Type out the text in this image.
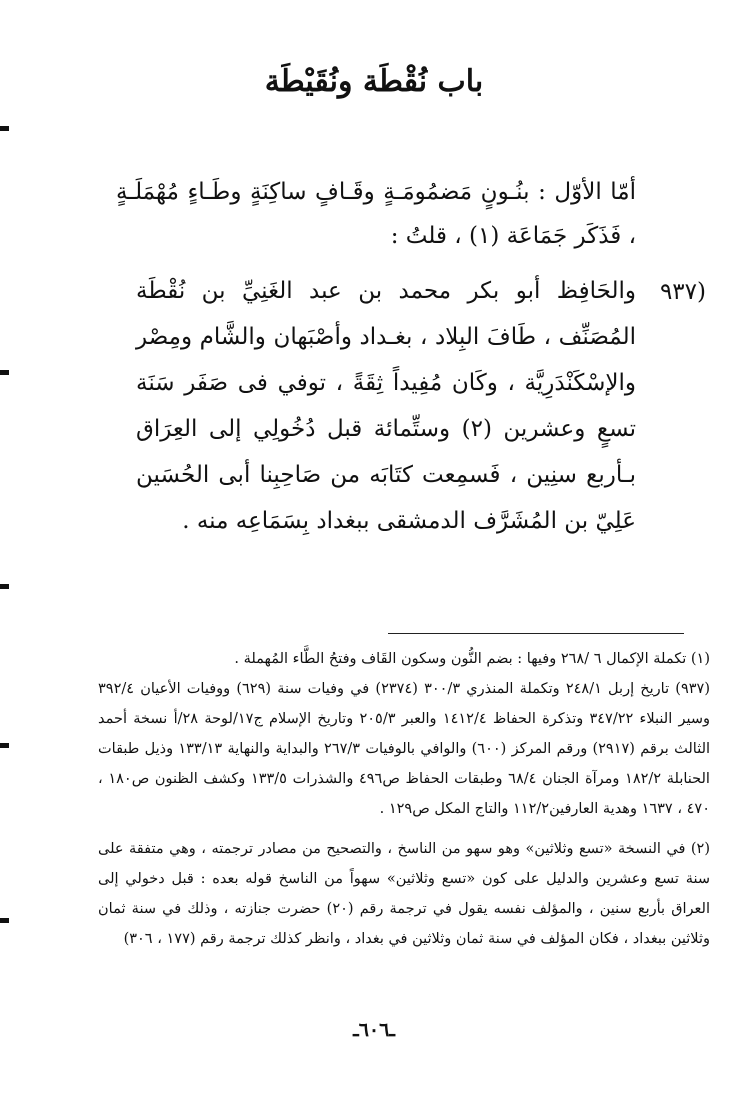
باب نُقْطَة ونُقَيْطَة
أمّا الأوّل : بنُـونٍ مَضمُومَـةٍ وقَـافٍ ساكِنَةٍ وطَـاءٍ مُهْمَلَـةٍ ، فَذَكَر جَمَاعَة (١) ، قلتُ :
(٩٣٧
والحَافِظ أبو بكر محمد بن عبد الغَنِيِّ بن نُقْطَة المُصَنِّف ، طَافَ البِلاد ، بغـداد وأصْبَهان والشَّام ومِصْر والإسْكَنْدَرِيَّة ، وكَان مُفِيداً ثِقَةً ، توفي فى صَفَر سَنَة تسعٍ وعشرين (٢) وستِّمائة قبل دُخُولِي إلى العِرَاق بـأربع سنِين ، فَسمِعت كتَابَه من صَاحِبِنا أبى الحُسَين عَلِيّ بن المُشَرَّف الدمشقى ببغداد بِسَمَاعِه منه .

(١) تكملة الإكمال ٦ /٢٦٨ وفيها : بضم النُّون وسكون القَاف وفتحُ الطَّاء المُهملة .

(٩٣٧) تاريخ إربل ٢٤٨/١ وتكملة المنذري ٣٠٠/٣ (٢٣٧٤) في وفيات سنة (٦٢٩) ووفيات الأعيان ٣٩٢/٤ وسير النبلاء ٣٤٧/٢٢ وتذكرة الحفاظ ١٤١٢/٤ والعبر ٢٠٥/٣ وتاريخ الإسلام ج١٧/لوحة ٢٨/أ نسخة أحمد الثالث برقم (٢٩١٧) ورقم المركز (٦٠٠) والوافي بالوفيات ٢٦٧/٣ والبداية والنهاية ١٣٣/١٣ وذيل طبقات الحنابلة ١٨٢/٢ ومرآة الجنان ٦٨/٤ وطبقات الحفاظ ص٤٩٦ والشذرات ١٣٣/٥ وكشف الظنون ص١٨٠ ، ٤٧٠ ، ١٦٣٧ وهدية العارفين١١٢/٢ والتاج المكل ص١٢٩ .

(٢) في النسخة «تسع وثلاثين» وهو سهو من الناسخ ، والتصحيح من مصادر ترجمته ، وهي متفقة على سنة تسع وعشرين والدليل على كون «تسع وثلاثين» سهواً من الناسخ قوله بعده : قبل دخولي إلى العراق بأربع سنين ، والمؤلف نفسه يقول في ترجمة رقم (٢٠) حضرت جنازته ، وذلك في سنة ثمان وثلاثين ببغداد ، فكان المؤلف في سنة ثمان وثلاثين في بغداد ، وانظر كذلك ترجمة رقم (١٧٧ ، ٣٠٦)

ـ٦٠٦ـ
